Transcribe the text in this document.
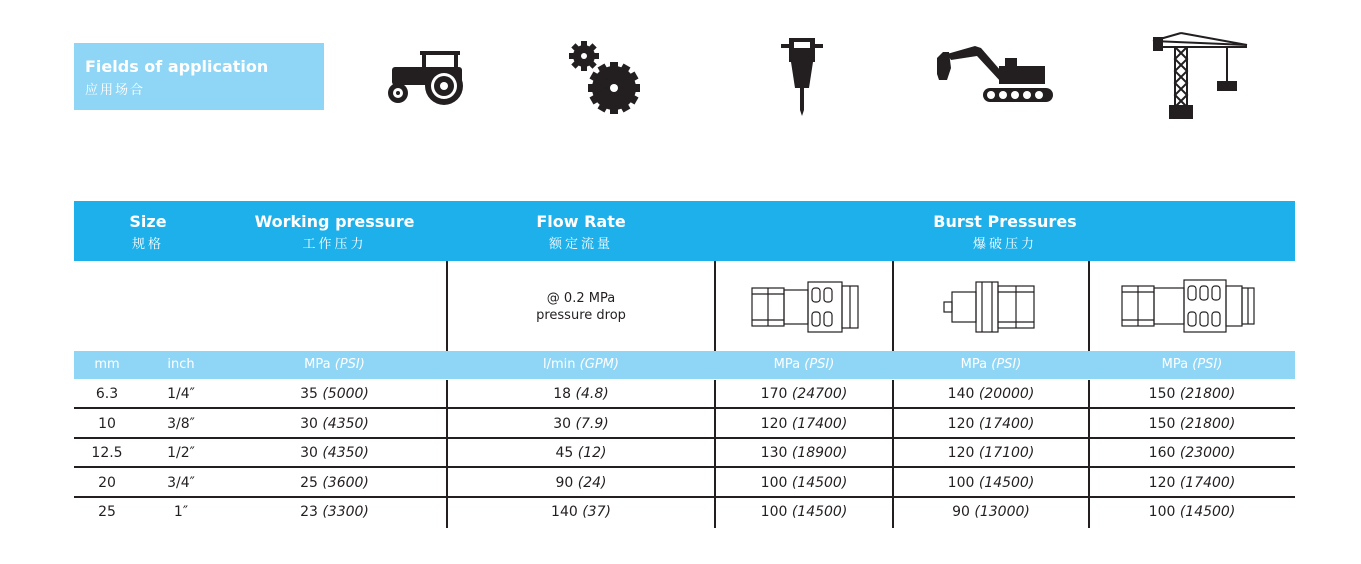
Fields of application
应用场合
Size
规格
Working pressure
工作压力
Flow Rate
额定流量
Burst Pressures
爆破压力
@ 0.2 MPa
pressure drop
mm	inch	MPa (PSI)	l/min (GPM)	MPa (PSI)	MPa (PSI)	MPa (PSI)
6.3	1/4″	35 (5000)	18 (4.8)	170 (24700)	140 (20000)	150 (21800)
10	3/8″	30 (4350)	30 (7.9)	120 (17400)	120 (17400)	150 (21800)
12.5	1/2″	30 (4350)	45 (12)	130 (18900)	120 (17100)	160 (23000)
20	3/4″	25 (3600)	90 (24)	100 (14500)	100 (14500)	120 (17400)
25	1″	23 (3300)	140 (37)	100 (14500)	90 (13000)	100 (14500)
